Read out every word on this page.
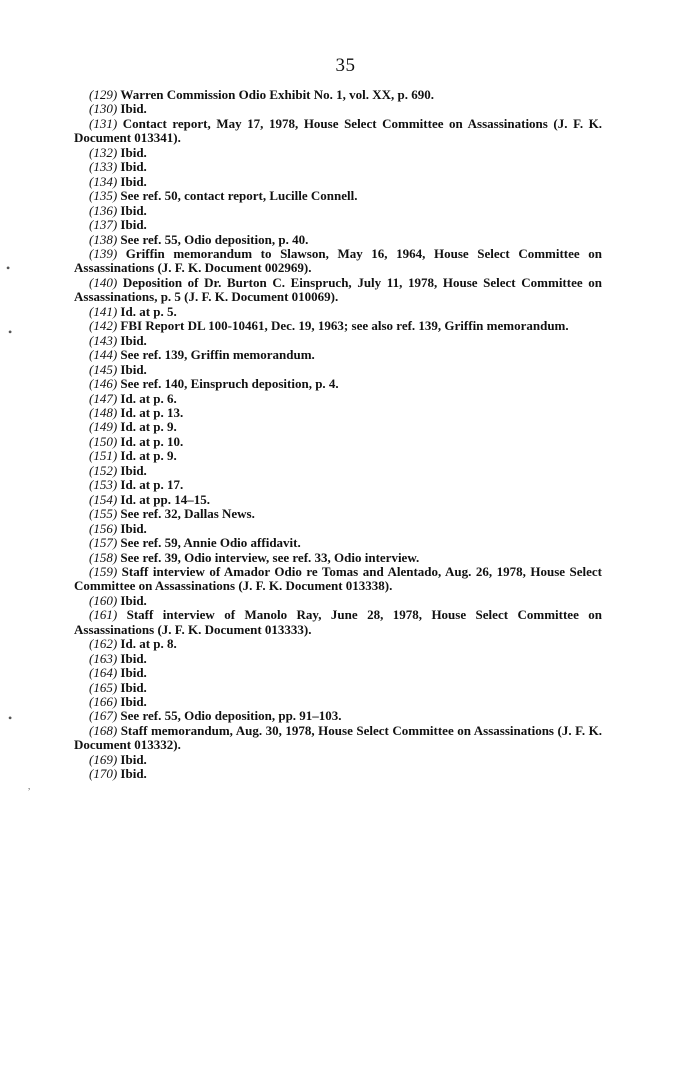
35

(129) Warren Commission Odio Exhibit No. 1, vol. XX, p. 690.

(130) Ibid.

(131) Contact report, May 17, 1978, House Select Committee on Assassinations (J. F. K. Document 013341).

(132) Ibid.

(133) Ibid.

(134) Ibid.

(135) See ref. 50, contact report, Lucille Connell.

(136) Ibid.

(137) Ibid.

(138) See ref. 55, Odio deposition, p. 40.

(139) Griffin memorandum to Slawson, May 16, 1964, House Select Committee on Assassinations (J. F. K. Document 002969).

(140) Deposition of Dr. Burton C. Einspruch, July 11, 1978, House Select Committee on Assassinations, p. 5 (J. F. K. Document 010069).

(141) Id. at p. 5.

(142) FBI Report DL 100-10461, Dec. 19, 1963; see also ref. 139, Griffin memorandum.

(143) Ibid.

(144) See ref. 139, Griffin memorandum.

(145) Ibid.

(146) See ref. 140, Einspruch deposition, p. 4.

(147) Id. at p. 6.

(148) Id. at p. 13.

(149) Id. at p. 9.

(150) Id. at p. 10.

(151) Id. at p. 9.

(152) Ibid.

(153) Id. at p. 17.

(154) Id. at pp. 14–15.

(155) See ref. 32, Dallas News.

(156) Ibid.

(157) See ref. 59, Annie Odio affidavit.

(158) See ref. 39, Odio interview, see ref. 33, Odio interview.

(159) Staff interview of Amador Odio re Tomas and Alentado, Aug. 26, 1978, House Select Committee on Assassinations (J. F. K. Document 013338).

(160) Ibid.

(161) Staff interview of Manolo Ray, June 28, 1978, House Select Committee on Assassinations (J. F. K. Document 013333).

(162) Id. at p. 8.

(163) Ibid.

(164) Ibid.

(165) Ibid.

(166) Ibid.

(167) See ref. 55, Odio deposition, pp. 91–103.

(168) Staff memorandum, Aug. 30, 1978, House Select Committee on Assassinations (J. F. K. Document 013332).

(169) Ibid.

(170) Ibid.

•
•
•
,
